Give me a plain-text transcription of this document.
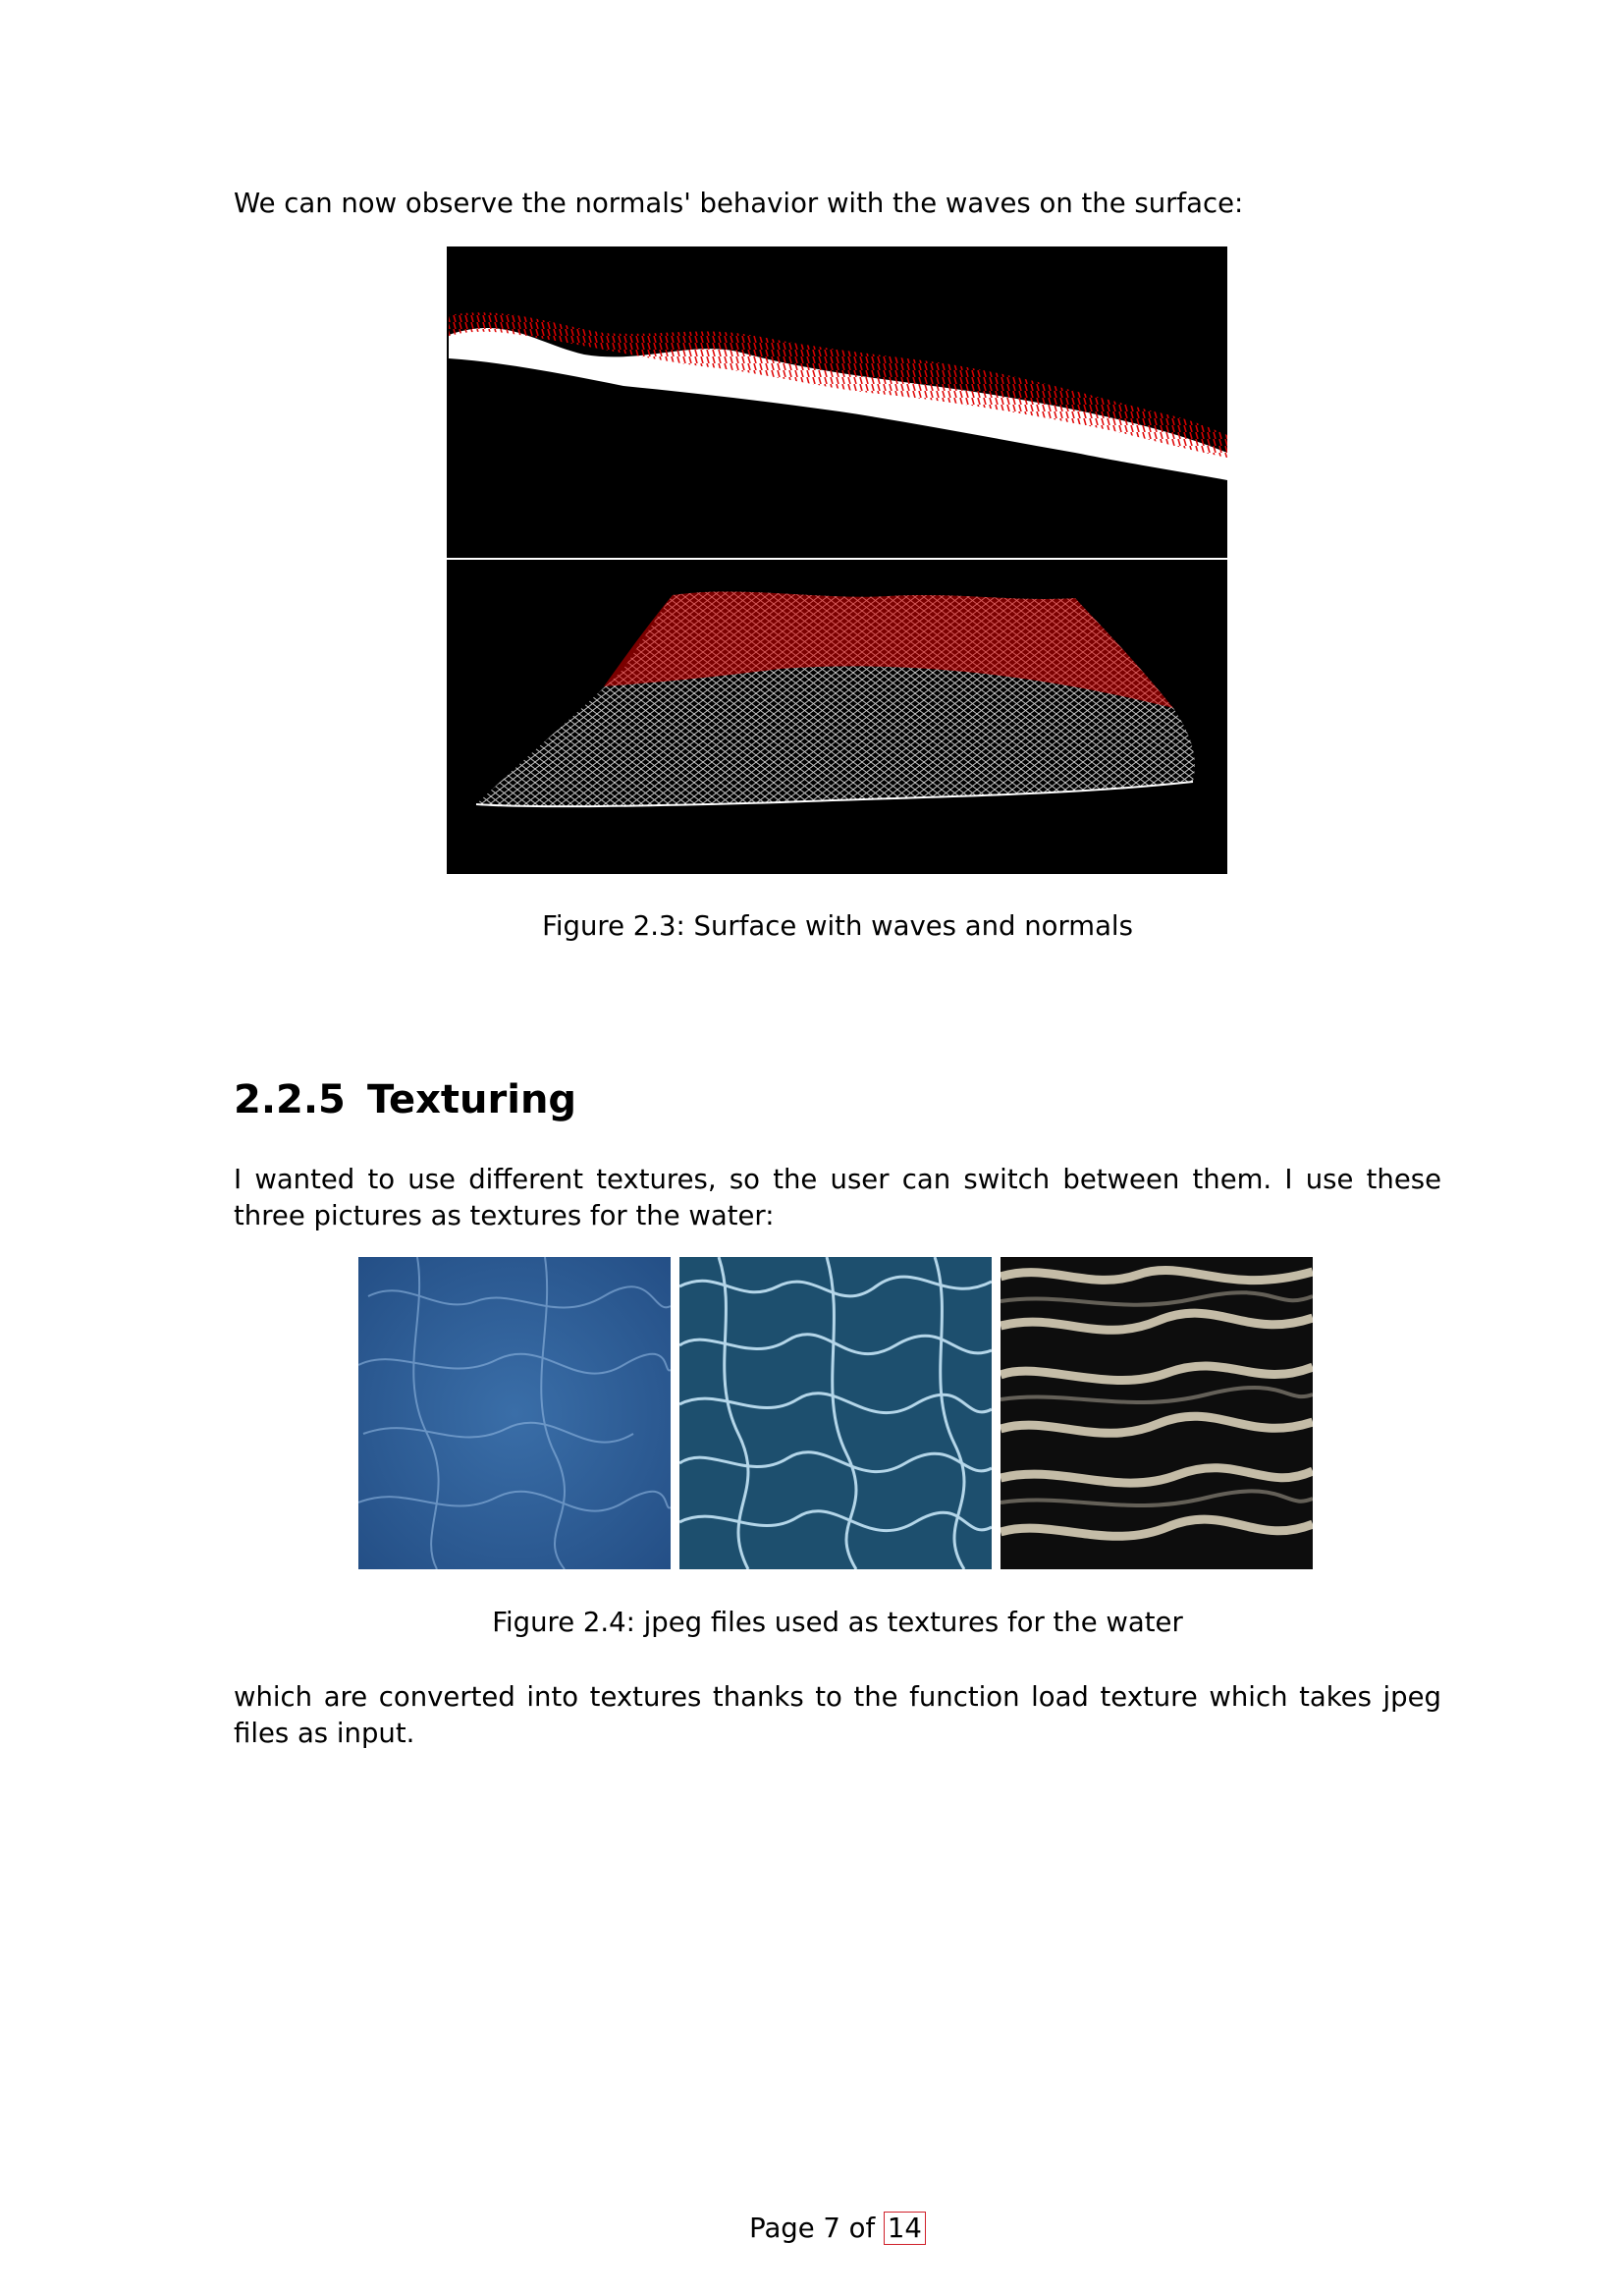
We can now observe the normals' behavior with the waves on the surface:

Figure 2.3: Surface with waves and normals

2.2.5 Texturing

I wanted to use different textures, so the user can switch between them. I use these three pictures as textures for the water:

Figure 2.4: jpeg files used as textures for the water

which are converted into textures thanks to the function load texture which takes jpeg files as input.

Page 7 of 14
